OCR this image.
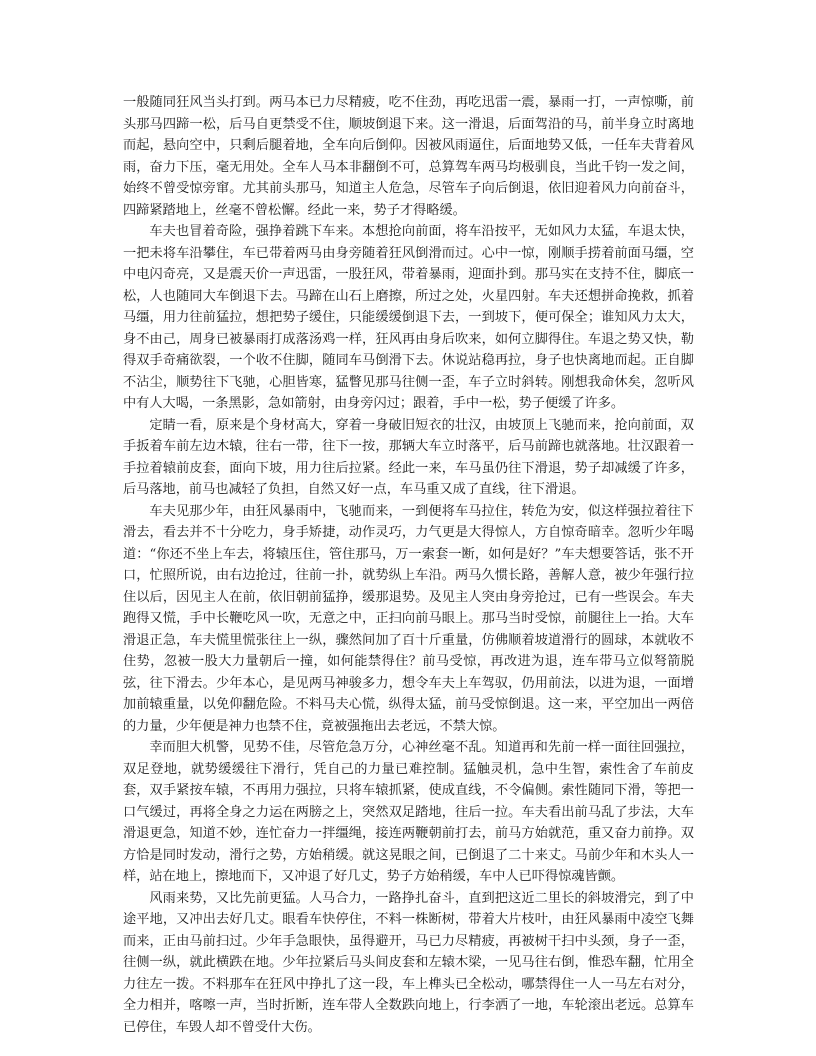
一般随同狂风当头打到。两马本已力尽精疲，吃不住劲，再吃迅雷一震，暴雨一打，一声惊嘶，前头那马四蹄一松，后马自更禁受不住，顺坡倒退下来。这一滑退，后面驾沿的马，前半身立时离地而起，悬向空中，只剩后腿着地，全车向后倒仰。因被风雨逼住，后面地势又低，一任车夫背着风雨，奋力下压，毫无用处。全车人马本非翻倒不可，总算驾车两马均极驯良，当此千钧一发之间，始终不曾受惊旁窜。尤其前头那马，知道主人危急，尽管车子向后倒退，依旧迎着风力向前奋斗，四蹄紧踏地上，丝毫不曾松懈。经此一来，势子才得略缓。

车夫也冒着奇险，强挣着跳下车来。本想抢向前面，将车沿按平，无如风力太猛，车退太快，一把未将车沿攀住，车已带着两马由身旁随着狂风倒滑而过。心中一惊，刚顺手捞着前面马缰，空中电闪奇亮，又是震天价一声迅雷，一股狂风，带着暴雨，迎面扑到。那马实在支持不住，脚底一松，人也随同大车倒退下去。马蹄在山石上磨擦，所过之处，火星四射。车夫还想拼命挽救，抓着马缰，用力往前猛拉，想把势子缓住，只能缓缓倒退下去，一到坡下，便可保全；谁知风力太大，身不由己，周身已被暴雨打成落汤鸡一样，狂风再由身后吹来，如何立脚得住。车退之势又快，勒得双手奇痛欲裂，一个收不住脚，随同车马倒滑下去。休说站稳再拉，身子也快离地而起。正自脚不沾尘，顺势往下飞驰，心胆皆寒，猛瞥见那马往侧一歪，车子立时斜转。刚想我命休矣，忽听风中有人大喝，一条黑影，急如箭射，由身旁闪过；跟着，手中一松，势子便缓了许多。

定睛一看，原来是个身材高大，穿着一身破旧短衣的壮汉，由坡顶上飞驰而来，抢向前面，双手扳着车前左边木辕，往右一带，往下一按，那辆大车立时落平，后马前蹄也就落地。壮汉跟着一手拉着辕前皮套，面向下坡，用力往后拉紧。经此一来，车马虽仍往下滑退，势子却减缓了许多，后马落地，前马也减轻了负担，自然又好一点，车马重又成了直线，往下滑退。

车夫见那少年，由狂风暴雨中，飞驰而来，一到便将车马拉住，转危为安，似这样强拉着往下滑去，看去并不十分吃力，身手矫捷，动作灵巧，力气更是大得惊人，方自惊奇暗幸。忽听少年喝道：“你还不坐上车去，将辕压住，管住那马，万一索套一断，如何是好？”车夫想要答话，张不开口，忙照所说，由右边抢过，往前一扑，就势纵上车沿。两马久惯长路，善解人意，被少年强行拉住以后，因见主人在前，依旧朝前猛挣，缓那退势。及见主人突由身旁抢过，已有一些误会。车夫跑得又慌，手中长鞭吃风一吹，无意之中，正扫向前马眼上。那马当时受惊，前腿往上一抬。大车滑退正急，车夫慌里慌张往上一纵，骤然间加了百十斤重量，仿佛顺着坡道滑行的圆球，本就收不住势，忽被一股大力量朝后一撞，如何能禁得住？前马受惊，再改进为退，连车带马立似弩箭脱弦，往下滑去。少年本心，是见两马神骏多力，想令车夫上车驾驭，仍用前法，以进为退，一面增加前辕重量，以免仰翻危险。不料马夫心慌，纵得太猛，前马受惊倒退。这一来，平空加出一两倍的力量，少年便是神力也禁不住，竟被强拖出去老远，不禁大惊。

幸而胆大机警，见势不佳，尽管危急万分，心神丝毫不乱。知道再和先前一样一面往回强拉，双足登地，就势缓缓往下滑行，凭自己的力量已难控制。猛触灵机，急中生智，索性舍了车前皮套，双手紧按车辕，不再用力强拉，只将车辕抓紧，使成直线，不令偏侧。索性随同下滑，等把一口气缓过，再将全身之力运在两膀之上，突然双足踏地，往后一拉。车夫看出前马乱了步法，大车滑退更急，知道不妙，连忙奋力一拌缰绳，接连两鞭朝前打去，前马方始就范，重又奋力前挣。双方恰是同时发动，滑行之势，方始稍缓。就这晃眼之间，已倒退了二十来丈。马前少年和木头人一样，站在地上，擦地而下，又冲退了好几丈，势子方始稍缓，车中人已吓得惊魂皆颤。

风雨来势，又比先前更猛。人马合力，一路挣扎奋斗，直到把这近二里长的斜坡滑完，到了中途平地，又冲出去好几丈。眼看车快停住，不料一株断树，带着大片枝叶，由狂风暴雨中凌空飞舞而来，正由马前扫过。少年手急眼快，虽得避开，马已力尽精疲，再被树干扫中头颈，身子一歪，往侧一纵，就此横跌在地。少年拉紧后马头间皮套和左辕木梁，一见马往右倒，惟恐车翻，忙用全力往左一拨。不料那车在狂风中挣扎了这一段，车上榫头已全松动，哪禁得住一人一马左右对分，全力相并，喀嚓一声，当时折断，连车带人全数跌向地上，行李洒了一地，车轮滚出老远。总算车已停住，车毁人却不曾受什大伤。
